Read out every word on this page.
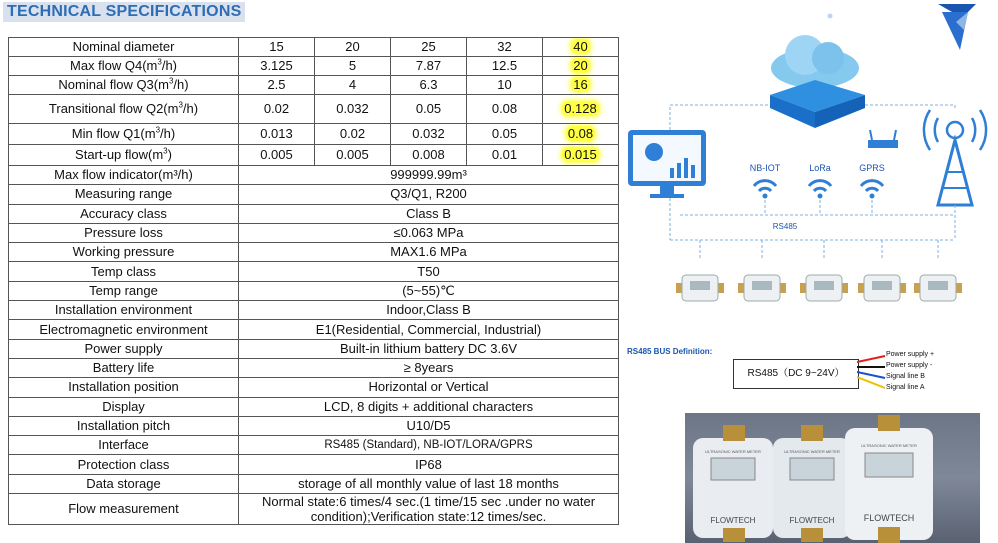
TECHNICAL SPECIFICATIONS
Nominal diameter	15	20	25	32	40
Max flow $Q4(m^3/h)$	3.125	5	7.87	12.5	20
Nominal flow $Q3(m^3/h)$	2.5	4	6.3	10	16
Transitional flow $Q2(m^3/h)$	0.02	0.032	0.05	0.08	0.128
Min flow $Q1(m^3/h)$	0.013	0.02	0.032	0.05	0.08
Start-up $flow(m^3)$	0.005	0.005	0.008	0.01	0.015
Max flow indicator(m³/h)	999999.99m³				
Measuring range	Q3/Q1, R200				
Accuracy class	Class B				
Pressure loss	≤0.063 MPa				
Working pressure	MAX1.6 MPa				
Temp class	T50				
Temp range	(5~55)℃				
Installation environment	Indoor,Class B				
Electromagnetic environment	E1(Residential, Commercial, Industrial)				
Power supply	Built-in lithium battery DC 3.6V				
Battery life	≥ 8years				
Installation position	Horizontal or Vertical				
Display	LCD, 8 digits + additional characters				
Installation pitch	U10/D5				
Interface	RS485 (Standard), NB-IOT/LORA/GPRS				
Protection class	IP68				
Data storage	storage of all monthly value of last 18 months				
Flow measurement	Normal state:6 times/4 sec.(1 time/15 sec .under no water condition);Verification state:12 times/sec.				
NB-IOT	LoRa	GPRS
RS485
RS485 BUS Definition:
RS485（DC 9~24V）
Power supply +
Power supply -
Signal line B
Signal line A
ULTRASONIC WATER METER
FLOWTECH
ULTRASONIC WATER METER
FLOWTECH
ULTRASONIC WATER METER
FLOWTECH
